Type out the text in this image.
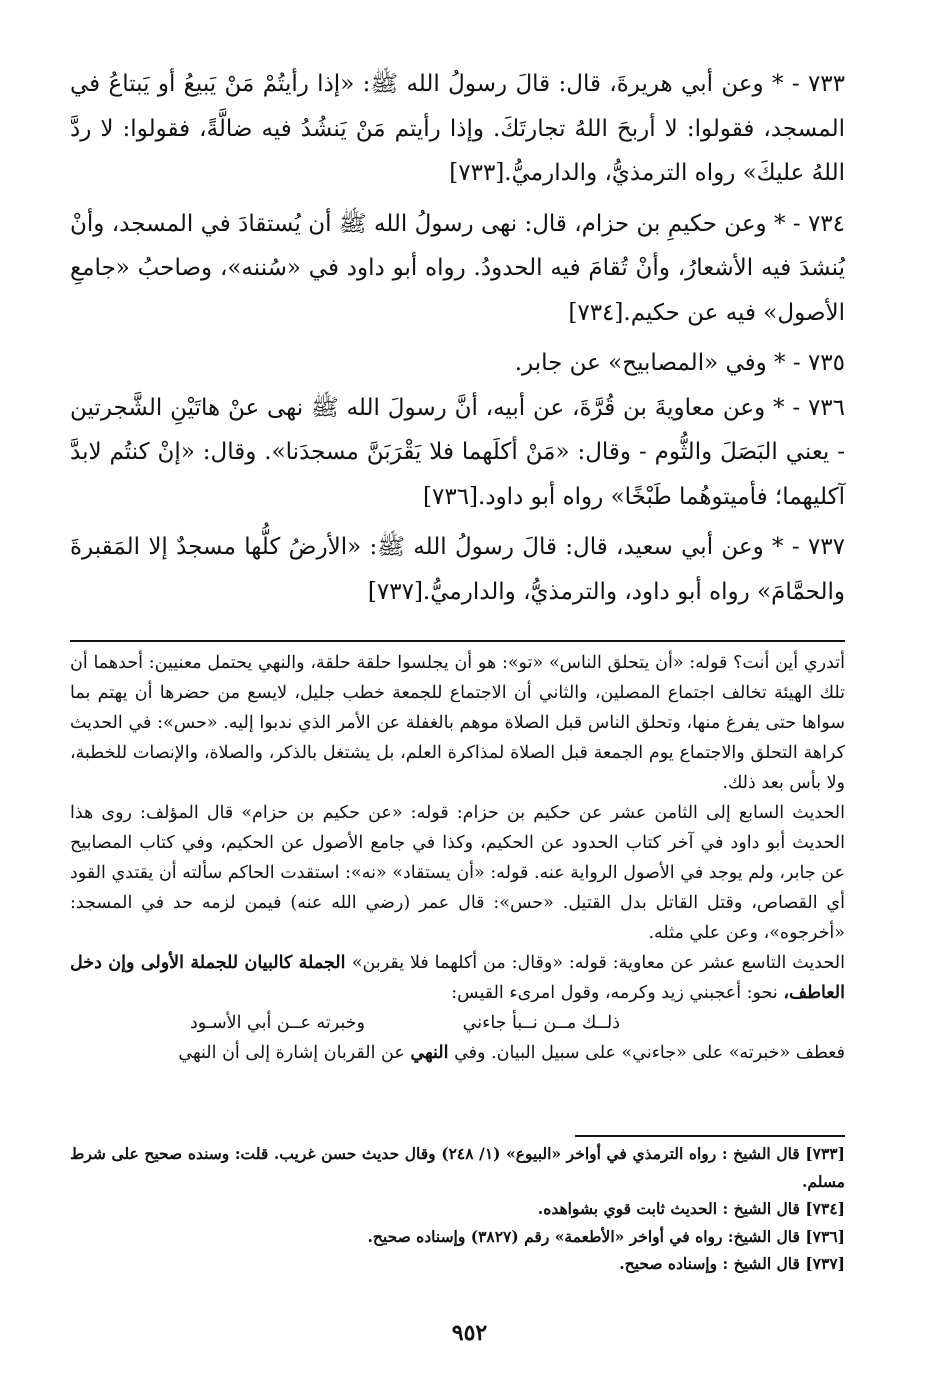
٧٣٣ - * وعن أبي هريرةَ، قال: قالَ رسولُ الله ﷺ: «إذا رأيتُمْ مَنْ يَبيعُ أو يَبتاعُ في المسجد، فقولوا: لا أربحَ اللهُ تجارتَكَ. وإذا رأيتم مَنْ يَنشُدُ فيه ضالَّةً، فقولوا: لا ردَّ اللهُ عليكَ» رواه الترمذيُّ، والدارميُّ.[٧٣٣]

٧٣٤ - * وعن حكيمِ بن حزام، قال: نهى رسولُ الله ﷺ أن يُستقادَ في المسجد، وأنْ يُنشدَ فيه الأشعارُ، وأنْ تُقامَ فيه الحدودُ. رواه أبو داود في «سُننه»، وصاحبُ «جامعِ الأصول» فيه عن حكيم.[٧٣٤]

٧٣٥ - * وفي «المصابيح» عن جابر.

٧٣٦ - * وعن معاويةَ بن قُرَّةَ، عن أبيه، أنَّ رسولَ الله ﷺ نهى عنْ هاتَيْنِ الشَّجرتين - يعني البَصَلَ والثُّوم - وقال: «مَنْ أكلَهما فلا يَقْرَبَنَّ مسجدَنا». وقال: «إنْ كنتُم لابدَّ آكليهما؛ فأميتوهُما طَبْخًا» رواه أبو داود.[٧٣٦]

٧٣٧ - * وعن أبي سعيد، قال: قالَ رسولُ الله ﷺ: «الأرضُ كلُّها مسجدٌ إلا المَقبرةَ والحمَّامَ» رواه أبو داود، والترمذيُّ، والدارميُّ.[٧٣٧]

أتدري أين أنت؟ قوله: «أن يتحلق الناس» «تو»: هو أن يجلسوا حلقة حلقة، والنهي يحتمل معنيين: أحدهما أن تلك الهيئة تخالف اجتماع المصلين، والثاني أن الاجتماع للجمعة خطب جليل، لايسع من حضرها أن يهتم بما سواها حتى يفرغ منها، وتحلق الناس قبل الصلاة موهم بالغفلة عن الأمر الذي ندبوا إليه. «حس»: في الحديث كراهة التحلق والاجتماع يوم الجمعة قبل الصلاة لمذاكرة العلم، بل يشتغل بالذكر، والصلاة، والإنصات للخطبة، ولا بأس بعد ذلك.

الحديث السابع إلى الثامن عشر عن حكيم بن حزام: قوله: «عن حكيم بن حزام» قال المؤلف: روى هذا الحديث أبو داود في آخر كتاب الحدود عن الحكيم، وكذا في جامع الأصول عن الحكيم، وفي كتاب المصابيح عن جابر، ولم يوجد في الأصول الرواية عنه. قوله: «أن يستقاد» «نه»: استقدت الحاكم سألته أن يقتدي القود أي القصاص، وقتل القاتل بدل القتيل. «حس»: قال عمر (رضي الله عنه) فيمن لزمه حد في المسجد: «أخرجوه»، وعن علي مثله.

الحديث التاسع عشر عن معاوية: قوله: «وقال: من أكلهما فلا يقربن» الجملة كالبيان للجملة الأولى وإن دخل العاطف، نحو: أعجبني زيد وكرمه، وقول امرىء القيس:

ذلــك مــن نــبأ جاءني
وخبرته عــن أبي الأسـود

فعطف «خبرته» على «جاءني» على سبيل البيان. وفي النهي عن القربان إشارة إلى أن النهي

[٧٣٣] قال الشيخ : رواه الترمذي في أواخر «البيوع» (١/ ٢٤٨) وقال حديث حسن غريب. قلت: وسنده صحيح على شرط مسلم.

[٧٣٤] قال الشيخ : الحديث ثابت قوي بشواهده.

[٧٣٦] قال الشيخ: رواه في أواخر «الأطعمة» رقم (٣٨٢٧) وإسناده صحيح.

[٧٣٧] قال الشيخ : وإسناده صحيح.

٩٥٢
